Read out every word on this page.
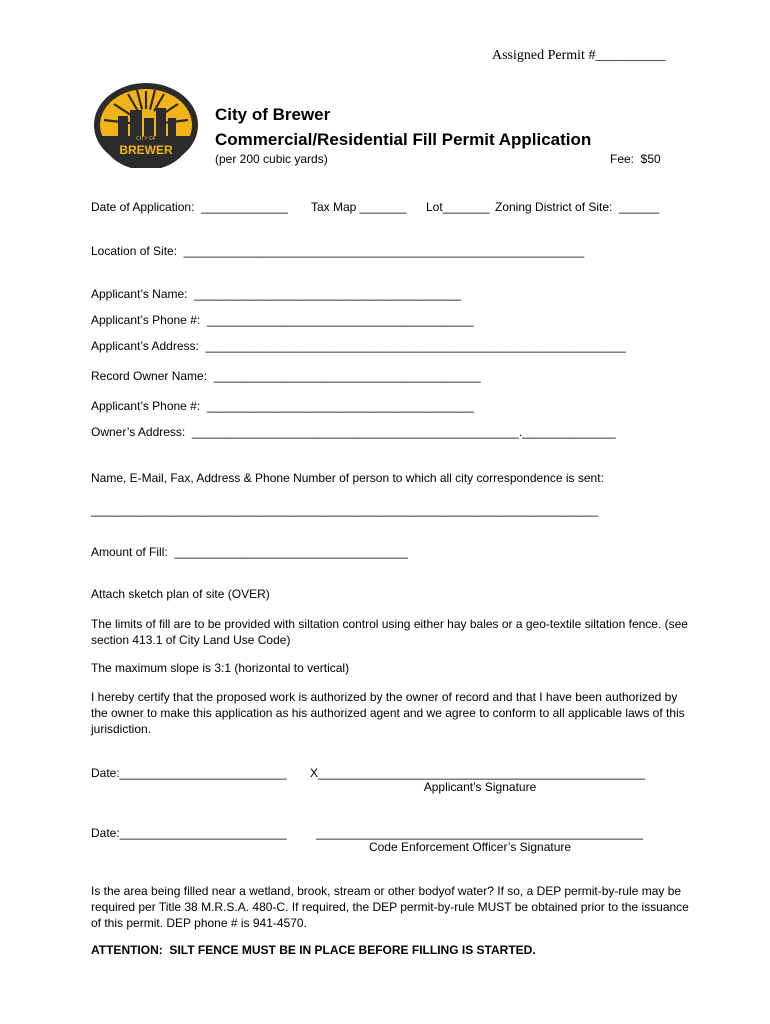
Assigned Permit #__________
CITY OF
BREWER
City of Brewer
Commercial/Residential Fill Permit Application
(per 200 cubic yards)	Fee:  $50
Date of Application:  _____________ Tax Map _______ Lot_______ Zoning District of Site:  ______
Location of Site:  ____________________________________________________________
Applicant’s Name:  ________________________________________
Applicant’s Phone #:  ________________________________________
Applicant’s Address:  _______________________________________________________________
Record Owner Name:  ________________________________________
Applicant’s Phone #:  ________________________________________
Owner’s Address:  _________________________________________________.______________
Name, E-Mail, Fax, Address & Phone Number of person to which all city correspondence is sent:
____________________________________________________________________________
Amount of Fill:  ___________________________________
Attach sketch plan of site (OVER)
The limits of fill are to be provided with siltation control using either hay bales or a geo-textile siltation fence. (see section 413.1 of City Land Use Code)
The maximum slope is 3:1 (horizontal to vertical)
I hereby certify that the proposed work is authorized by the owner of record and that I have been authorized by the owner to make this application as his authorized agent and we agree to conform to all applicable laws of this jurisdiction.
Date:_________________________ X_________________________________________________
Applicant’s Signature
Date:_________________________ _________________________________________________
Code Enforcement Officer’s Signature
Is the area being filled near a wetland, brook, stream or other bodyof water? If so, a DEP permit-by-rule may be required per Title 38 M.R.S.A. 480-C. If required, the DEP permit-by-rule MUST be obtained prior to the issuance of this permit. DEP phone # is 941-4570.
ATTENTION:  SILT FENCE MUST BE IN PLACE BEFORE FILLING IS STARTED.
